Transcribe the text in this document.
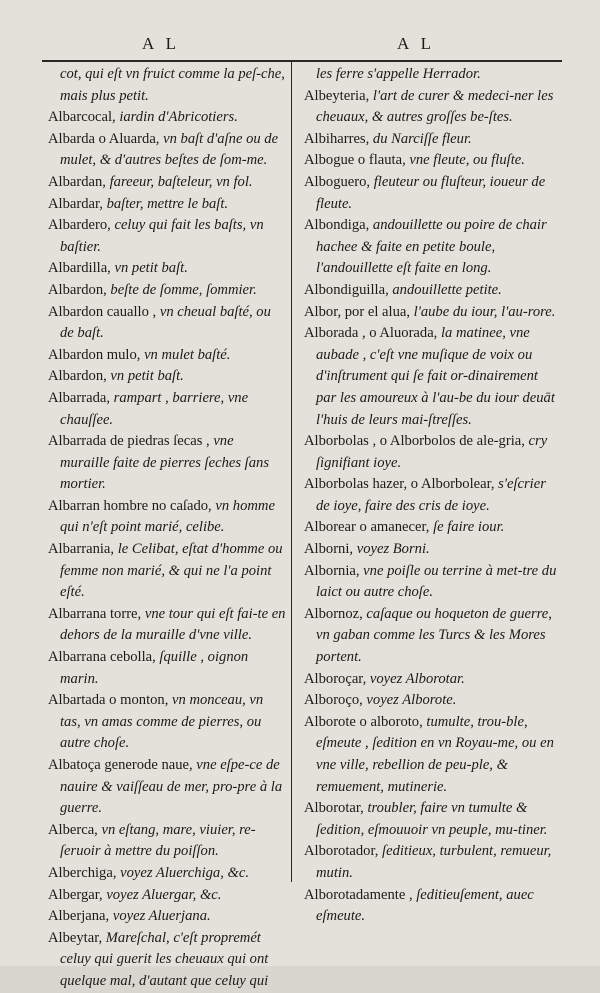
A L	A L

cot, qui eſt vn fruict comme la peſ-che, mais plus petit.

Albarcocal, iardin d'Abricotiers.

Albarda o Aluarda, vn baſt d'aſne ou de mulet, & d'autres beſtes de ſom-me.

Albardan, fareeur, baſteleur, vn fol.

Albardar, baſter, mettre le baſt.

Albardero, celuy qui fait les baſts, vn baſtier.

Albardilla, vn petit baſt.

Albardon, beſte de ſomme, ſommier.

Albardon cauallo , vn cheual baſté, ou de baſt.

Albardon mulo, vn mulet baſté.

Albardon, vn petit baſt.

Albarrada, rampart , barriere, vne chauſſee.

Albarrada de piedras ſecas , vne muraille faite de pierres ſeches ſans mortier.

Albarran hombre no caſado, vn homme qui n'eſt point marié, celibe.

Albarrania, le Celibat, eſtat d'homme ou femme non marié, & qui ne l'a point eſté.

Albarrana torre, vne tour qui eſt fai-te en dehors de la muraille d'vne ville.

Albarrana cebolla, ſquille , oignon marin.

Albartada o monton, vn monceau, vn tas, vn amas comme de pierres, ou autre choſe.

Albatoça generode naue, vne eſpe-ce de nauire & vaiſſeau de mer, pro-pre à la guerre.

Alberca, vn eſtang, mare, viuier, re-ſeruoir à mettre du poiſſon.

Alberchiga, voyez Aluerchiga, &c.

Albergar, voyez Aluergar, &c.

Alberjana, voyez Aluerjana.

Albeytar, Mareſchal, c'eſt propremét celuy qui guerit les cheuaux qui ont quelque mal, d'autant que celuy qui

les ferre s'appelle Herrador.

Albeyteria, l'art de curer & medeci-ner les cheuaux, & autres groſſes be-ſtes.

Albiharres, du Narciſſe fleur.

Albogue o flauta, vne fleute, ou fluſte.

Alboguero, fleuteur ou fluſteur, ioueur de fleute.

Albondiga, andouillette ou poire de chair hachee & faite en petite boule, l'andouillette eſt faite en long.

Albondiguilla, andouillette petite.

Albor, por el alua, l'aube du iour, l'au-rore.

Alborada , o Aluorada, la matinee, vne aubade , c'eſt vne muſique de voix ou d'inſtrument qui ſe fait or-dinairement par les amoureux à l'au-be du iour deuāt l'huis de leurs mai-ſtreſſes.

Alborbolas , o Alborbolos de ale-gria, cry ſignifiant ioye.

Alborbolas hazer, o Alborbolear, s'eſcrier de ioye, faire des cris de ioye.

Alborear o amanecer, ſe faire iour.

Alborni, voyez Borni.

Albornia, vne poiſle ou terrine à met-tre du laict ou autre choſe.

Albornoz, caſaque ou hoqueton de guerre, vn gaban comme les Turcs & les Mores portent.

Alboroçar, voyez Alborotar.

Alboroço, voyez Alborote.

Alborote o alboroto, tumulte, trou-ble, eſmeute , ſedition en vn Royau-me, ou en vne ville, rebellion de peu-ple, & remuement, mutinerie.

Alborotar, troubler, faire vn tumulte & ſedition, eſmouuoir vn peuple, mu-tiner.

Alborotador, ſeditieux, turbulent, remueur, mutin.

Alborotadamente , ſeditieuſement, auec eſmeute.
